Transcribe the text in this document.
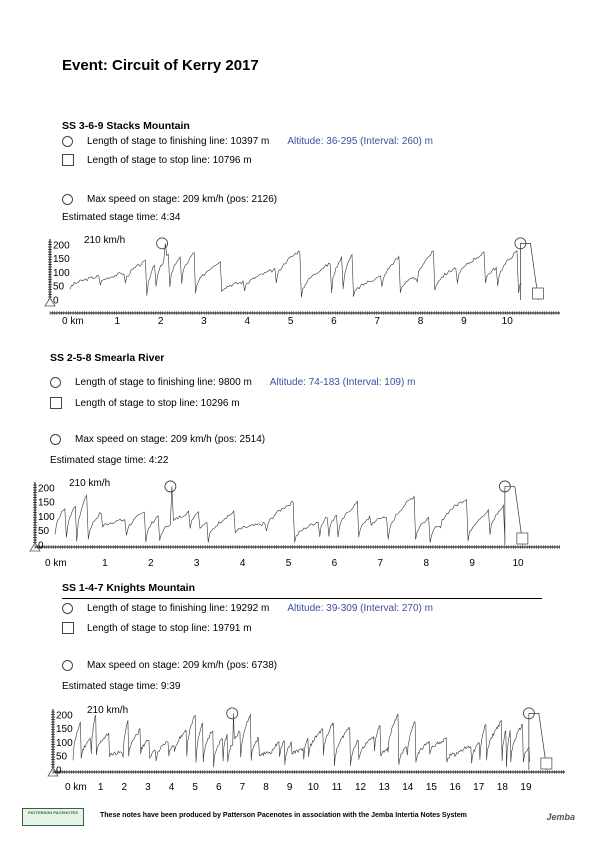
Event: Circuit of Kerry 2017
SS 3-6-9 Stacks Mountain
Length of stage to finishing line: 10397 m Altitude: 36-295 (Interval: 260) m
Length of stage to stop line: 10796 m
Max speed on stage: 209 km/h (pos: 2126)
Estimated stage time: 4:34
200
150
100
50
0
0 km	1	2	3	4	5	6	7	8	9	10
210 km/h
SS 2-5-8 Smearla River
Length of stage to finishing line: 9800 m Altitude: 74-183 (Interval: 109) m
Length of stage to stop line: 10296 m
Max speed on stage: 209 km/h (pos: 2514)
Estimated stage time: 4:22
200
150
100
50
0
0 km	1	2	3	4	5	6	7	8	9	10
210 km/h
SS 1-4-7 Knights Mountain
Length of stage to finishing line: 19292 m Altitude: 39-309 (Interval: 270) m
Length of stage to stop line: 19791 m
Max speed on stage: 209 km/h (pos: 6738)
Estimated stage time: 9:39
200
150
100
50
0
0 km 1 2 3 4 5 6 7 8 9 10 11 12 13 14 15 16 17 18 19
210 km/h
PATTERSON PACENOTES	These notes have been produced by Patterson Pacenotes in association with the Jemba Intertia Notes System	Jemba
